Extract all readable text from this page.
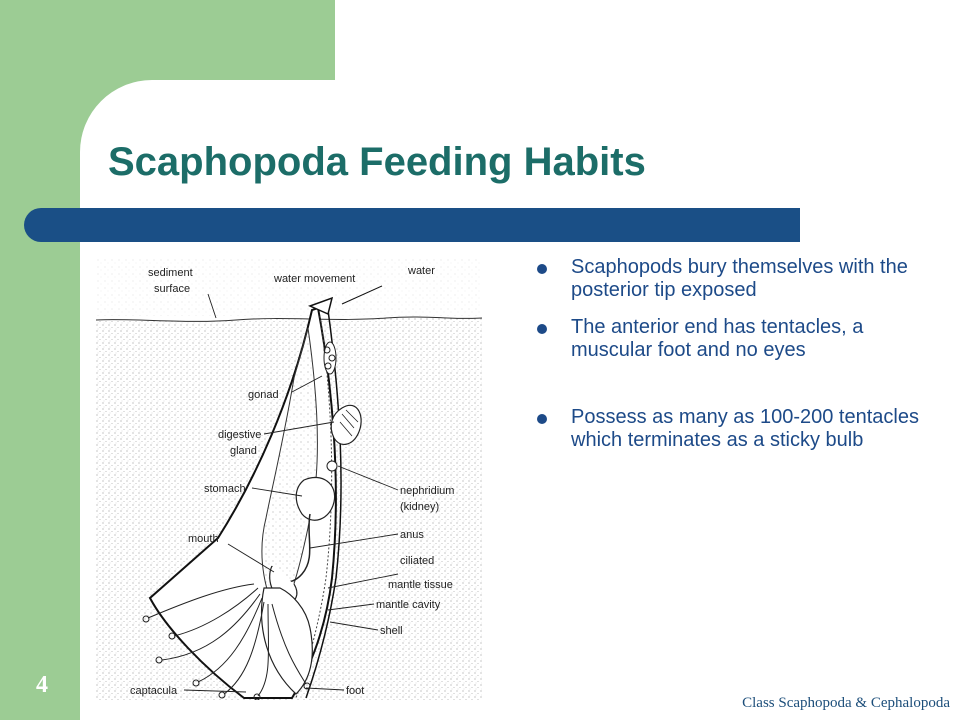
Scaphopoda Feeding Habits
sediment
surface
water movement
water
gonad
digestive
gland
stomach	nephridium
(kidney)
anus
mouth
ciliated
mantle tissue
mantle cavity
shell
captacula	foot
Scaphopods bury themselves with the posterior tip exposed
The anterior end has tentacles, a muscular foot and no eyes
Possess as many as 100-200 tentacles which terminates as a sticky bulb
4
Class Scaphopoda & Cephalopoda
